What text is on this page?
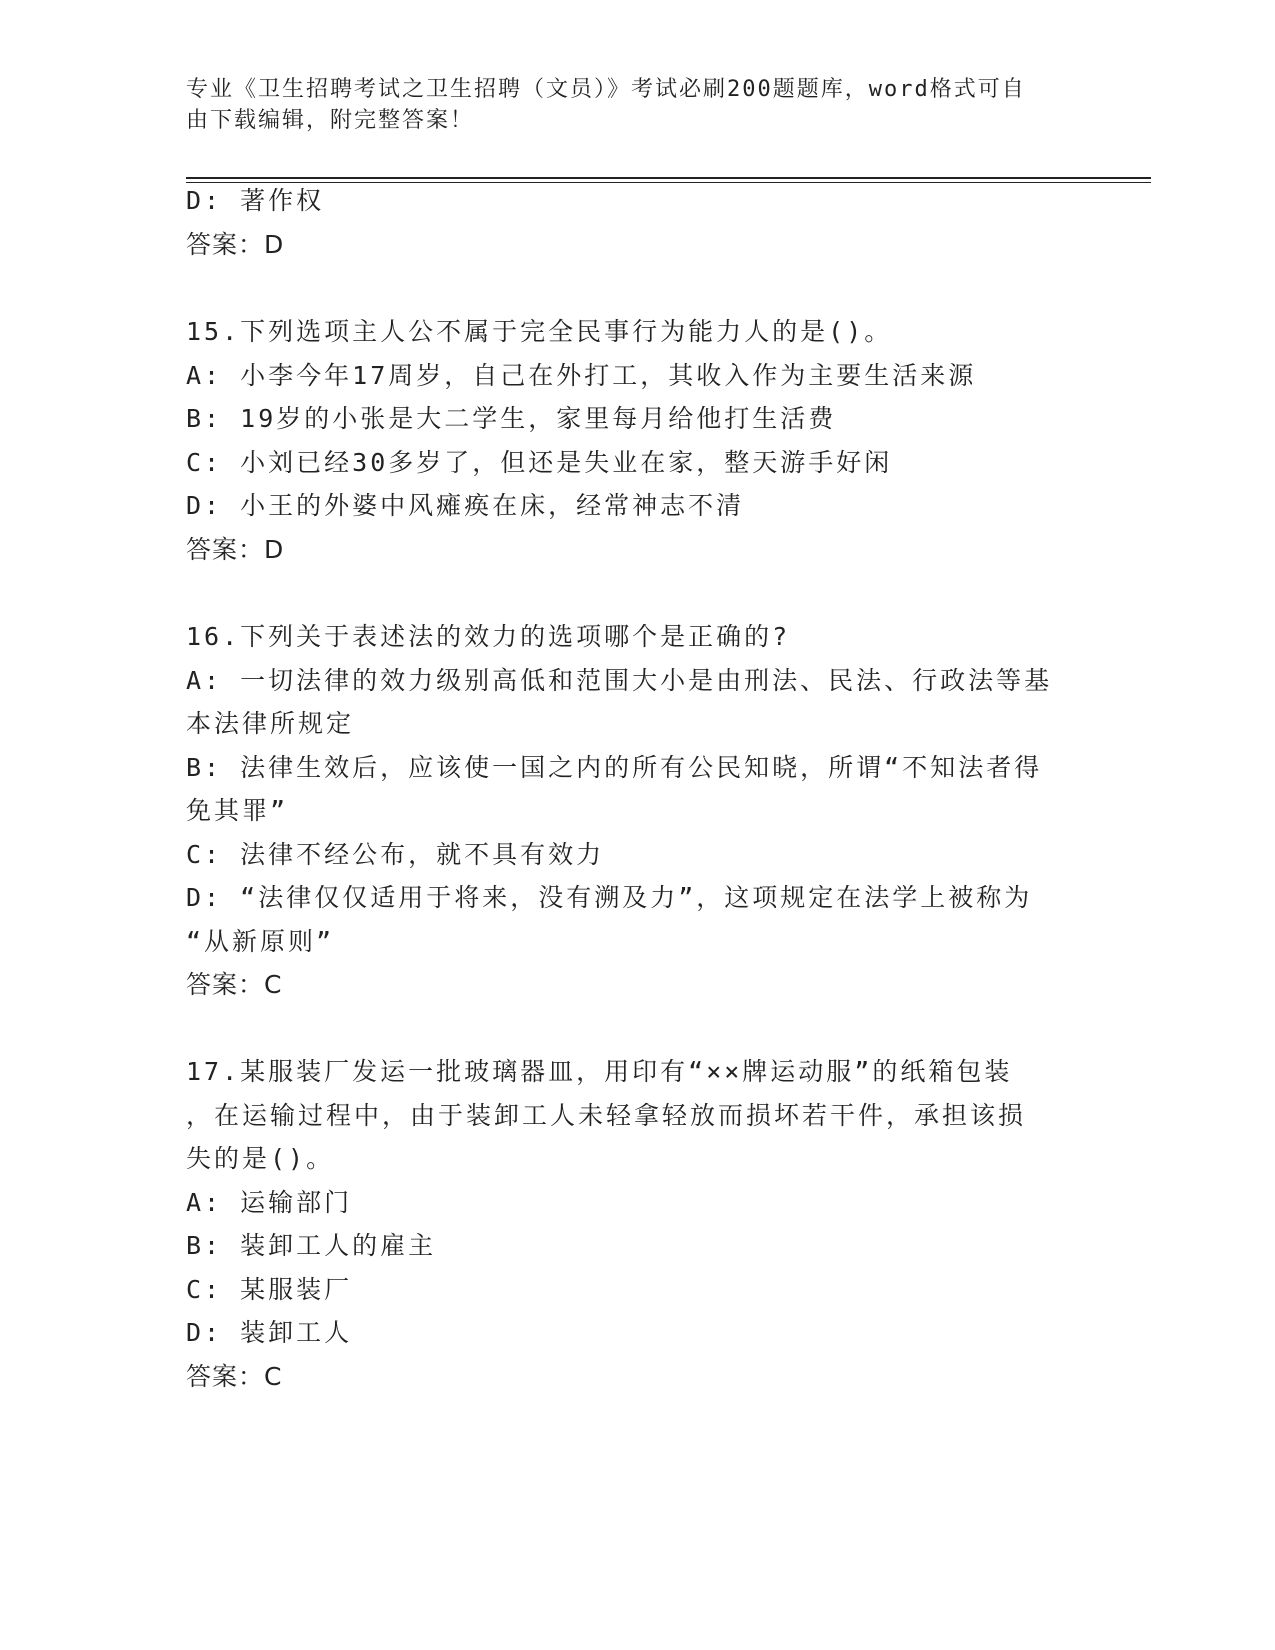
专业《卫生招聘考试之卫生招聘（文员）》考试必刷200题题库，word格式可自
由下载编辑，附完整答案！
D: 著作权
答案：D
15.下列选项主人公不属于完全民事行为能力人的是()。
A: 小李今年17周岁，自己在外打工，其收入作为主要生活来源
B: 19岁的小张是大二学生，家里每月给他打生活费
C: 小刘已经30多岁了，但还是失业在家，整天游手好闲
D: 小王的外婆中风瘫痪在床，经常神志不清
答案：D
16.下列关于表述法的效力的选项哪个是正确的?
A: 一切法律的效力级别高低和范围大小是由刑法、民法、行政法等基
本法律所规定
B: 法律生效后，应该使一国之内的所有公民知晓，所谓“不知法者得
免其罪”
C: 法律不经公布，就不具有效力
D: “法律仅仅适用于将来，没有溯及力”，这项规定在法学上被称为
“从新原则”
答案：C
17.某服装厂发运一批玻璃器皿，用印有“××牌运动服”的纸箱包装
，在运输过程中，由于装卸工人未轻拿轻放而损坏若干件，承担该损
失的是()。
A: 运输部门
B: 装卸工人的雇主
C: 某服装厂
D: 装卸工人
答案：C
